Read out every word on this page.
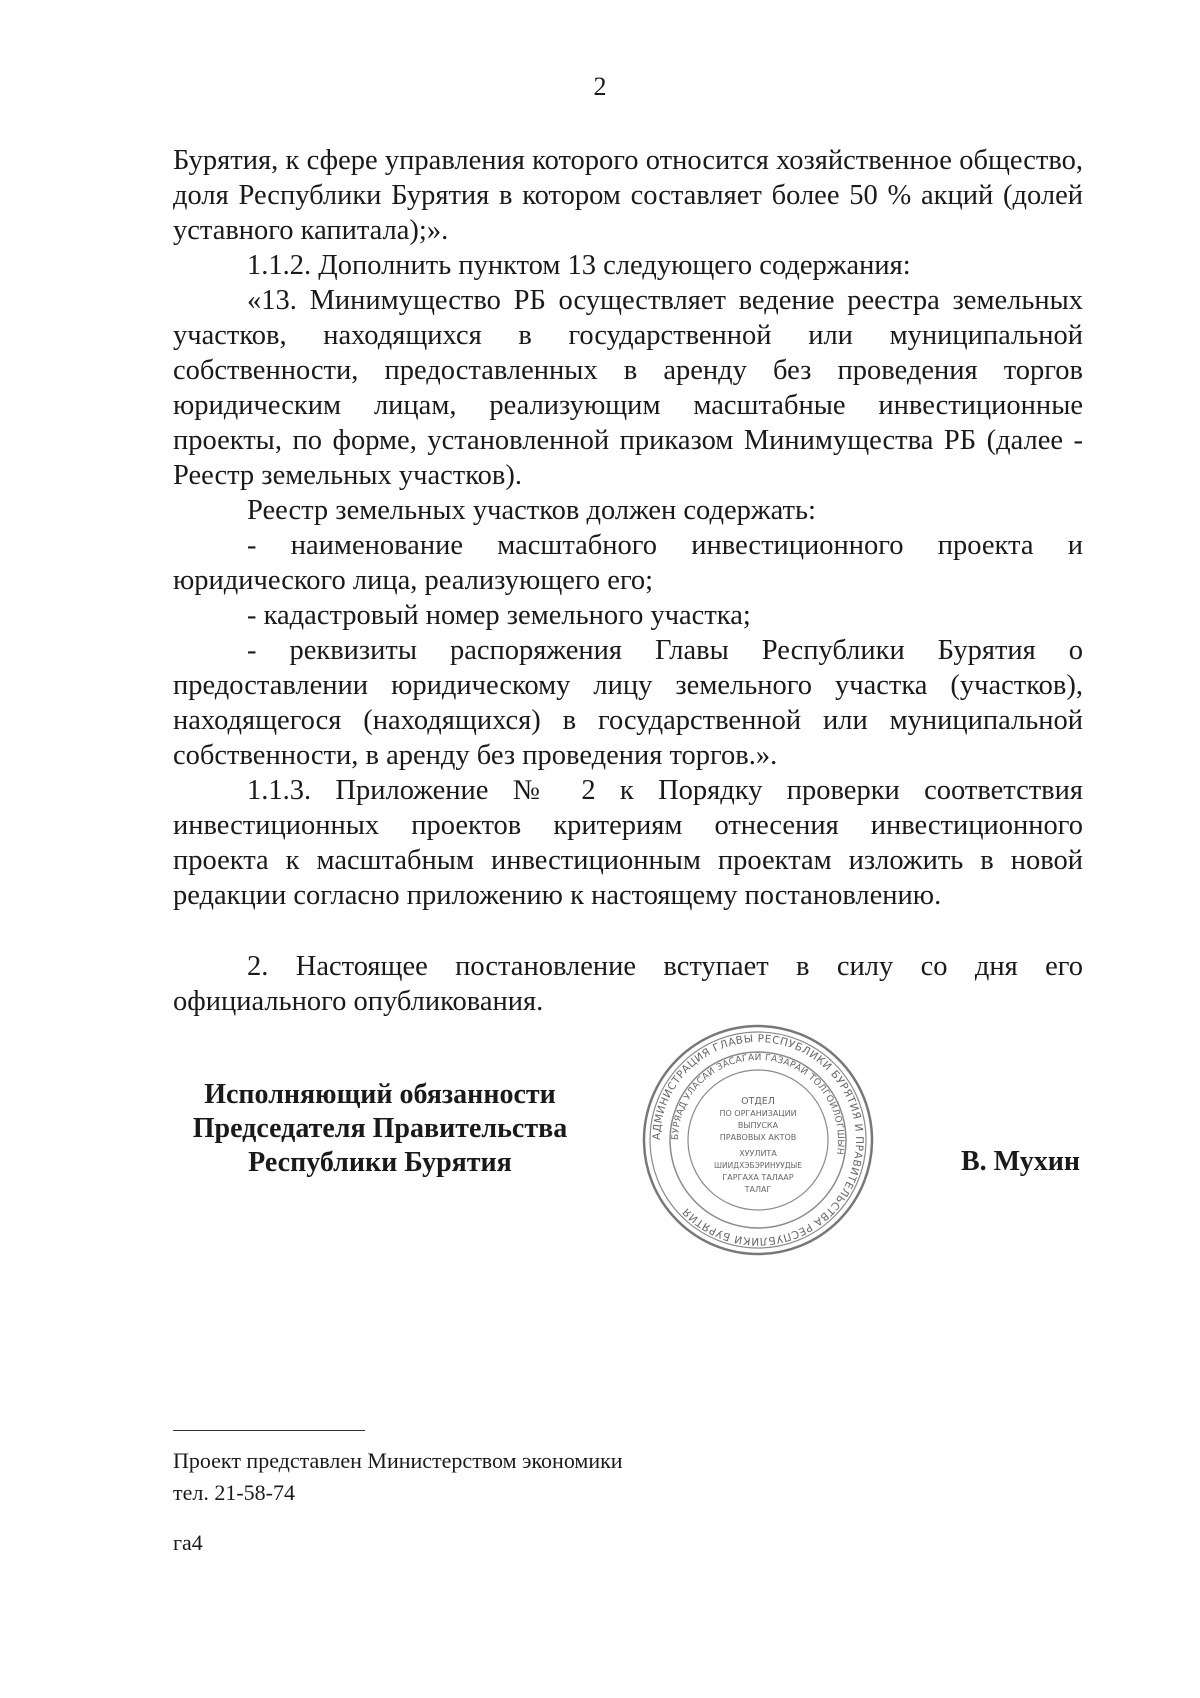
2

Бурятия, к сфере управления которого относится хозяйственное общество, доля Республики Бурятия в котором составляет более 50 % акций (долей уставного капитала);».

1.1.2. Дополнить пунктом 13 следующего содержания:

«13. Минимущество РБ осуществляет ведение реестра земельных участков, находящихся в государственной или муниципальной собственности, предоставленных в аренду без проведения торгов юридическим лицам, реализующим масштабные инвестиционные проекты, по форме, установленной приказом Минимущества РБ (далее - Реестр земельных участков).

Реестр земельных участков должен содержать:

- наименование масштабного инвестиционного проекта и юридического лица, реализующего его;

- кадастровый номер земельного участка;

- реквизиты распоряжения Главы Республики Бурятия о предоставлении юридическому лицу земельного участка (участков), находящегося (находящихся) в государственной или муниципальной собственности, в аренду без проведения торгов.».

1.1.3. Приложение № 2 к Порядку проверки соответствия инвестиционных проектов критериям отнесения инвестиционного проекта к масштабным инвестиционным проектам изложить в новой редакции согласно приложению к настоящему постановлению.

2. Настоящее постановление вступает в силу со дня его официального опубликования.

Исполняющий обязанности
Председателя Правительства
Республики Бурятия
АДМИНИСТРАЦИЯ ГЛАВЫ РЕСПУБЛИКИ БУРЯТИЯ И ПРАВИТЕЛЬСТВА РЕСПУБЛИКИ БУРЯТИЯ
БУРЯАД УЛАСАЙ ЗАСАГАЙ ГАЗАРАЙ ТОЛГОЙЛОГШЫН
ОТДЕЛ
ПО ОРГАНИЗАЦИИ
ВЫПУСКА
ПРАВОВЫХ АКТОВ
ХУУЛИТА
ШИИДХЭБЭРИНУУДЫЕ
ГАРГАХА ТАЛААР
ТАЛАГ
В. Мухин
Проект представлен Министерством экономики
тел. 21-58-74
га4
